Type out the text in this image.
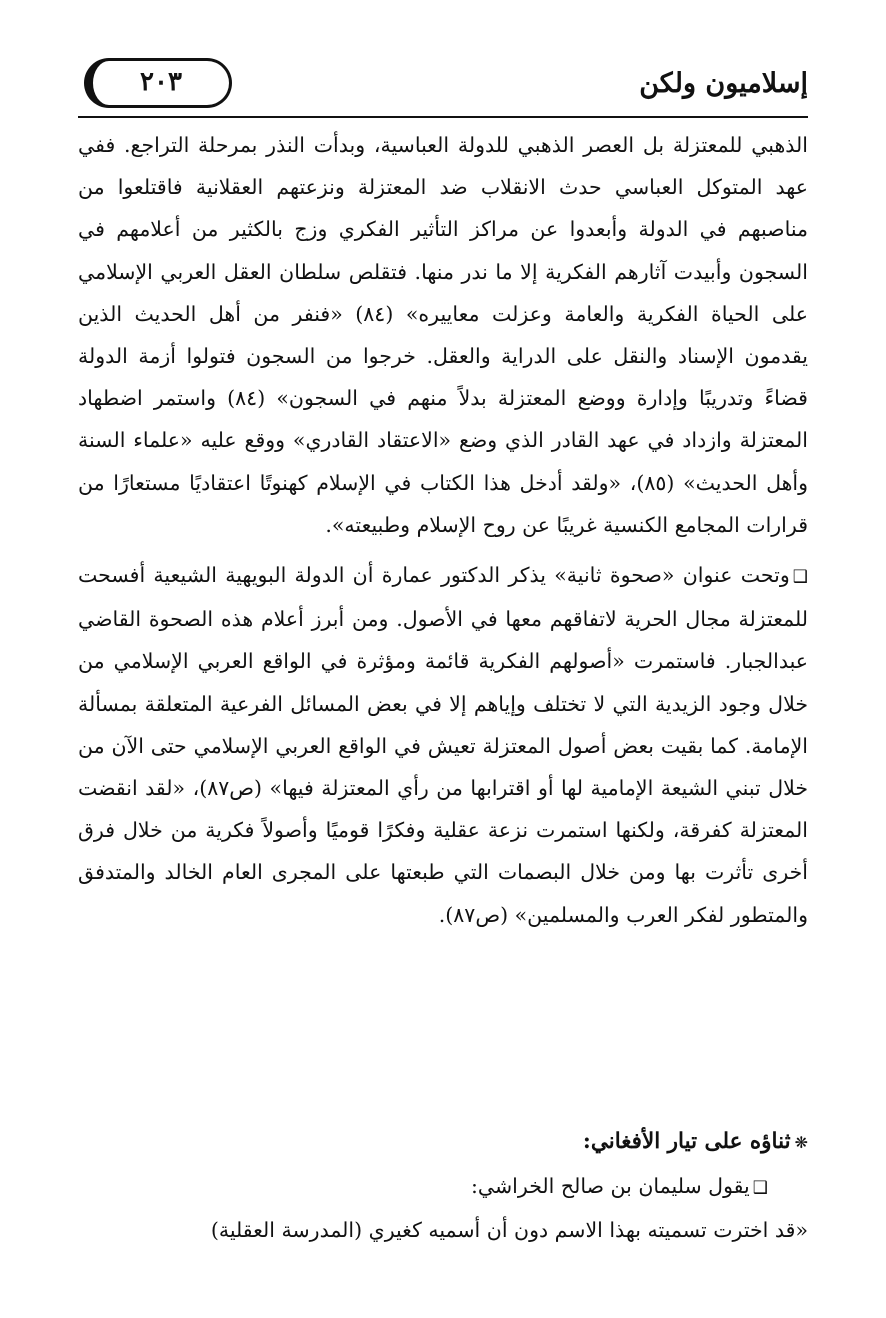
إسلاميون ولكن
٢٠٣

الذهبي للمعتزلة بل العصر الذهبي للدولة العباسية، وبدأت النذر بمرحلة التراجع. ففي عهد المتوكل العباسي حدث الانقلاب ضد المعتزلة ونزعتهم العقلانية فاقتلعوا من مناصبهم في الدولة وأبعدوا عن مراكز التأثير الفكري وزج بالكثير من أعلامهم في السجون وأبيدت آثارهم الفكرية إلا ما ندر منها. فتقلص سلطان العقل العربي الإسلامي على الحياة الفكرية والعامة وعزلت معاييره» (٨٤) «فنفر من أهل الحديث الذين يقدمون الإسناد والنقل على الدراية والعقل. خرجوا من السجون فتولوا أزمة الدولة قضاءً وتدريبًا وإدارة ووضع المعتزلة بدلاً منهم في السجون» (٨٤) واستمر اضطهاد المعتزلة وازداد في عهد القادر الذي وضع «الاعتقاد القادري» ووقع عليه «علماء السنة وأهل الحديث» (٨٥)، «ولقد أدخل هذا الكتاب في الإسلام كهنوتًا اعتقاديًا مستعارًا من قرارات المجامع الكنسية غريبًا عن روح الإسلام وطبيعته».

❑وتحت عنوان «صحوة ثانية» يذكر الدكتور عمارة أن الدولة البويهية الشيعية أفسحت للمعتزلة مجال الحرية لاتفاقهم معها في الأصول. ومن أبرز أعلام هذه الصحوة القاضي عبدالجبار. فاستمرت «أصولهم الفكرية قائمة ومؤثرة في الواقع العربي الإسلامي من خلال وجود الزيدية التي لا تختلف وإياهم إلا في بعض المسائل الفرعية المتعلقة بمسألة الإمامة. كما بقيت بعض أصول المعتزلة تعيش في الواقع العربي الإسلامي حتى الآن من خلال تبني الشيعة الإمامية لها أو اقترابها من رأي المعتزلة فيها» (ص٨٧)، «لقد انقضت المعتزلة كفرقة، ولكنها استمرت نزعة عقلية وفكرًا قوميًا وأصولاً فكرية من خلال فرق أخرى تأثرت بها ومن خلال البصمات التي طبعتها على المجرى العام الخالد والمتدفق والمتطور لفكر العرب والمسلمين» (ص٨٧).

❋ثناؤه على تيار الأفغاني:
❑يقول سليمان بن صالح الخراشي:
«قد اخترت تسميته بهذا الاسم دون أن أسميه كغيري (المدرسة العقلية)
